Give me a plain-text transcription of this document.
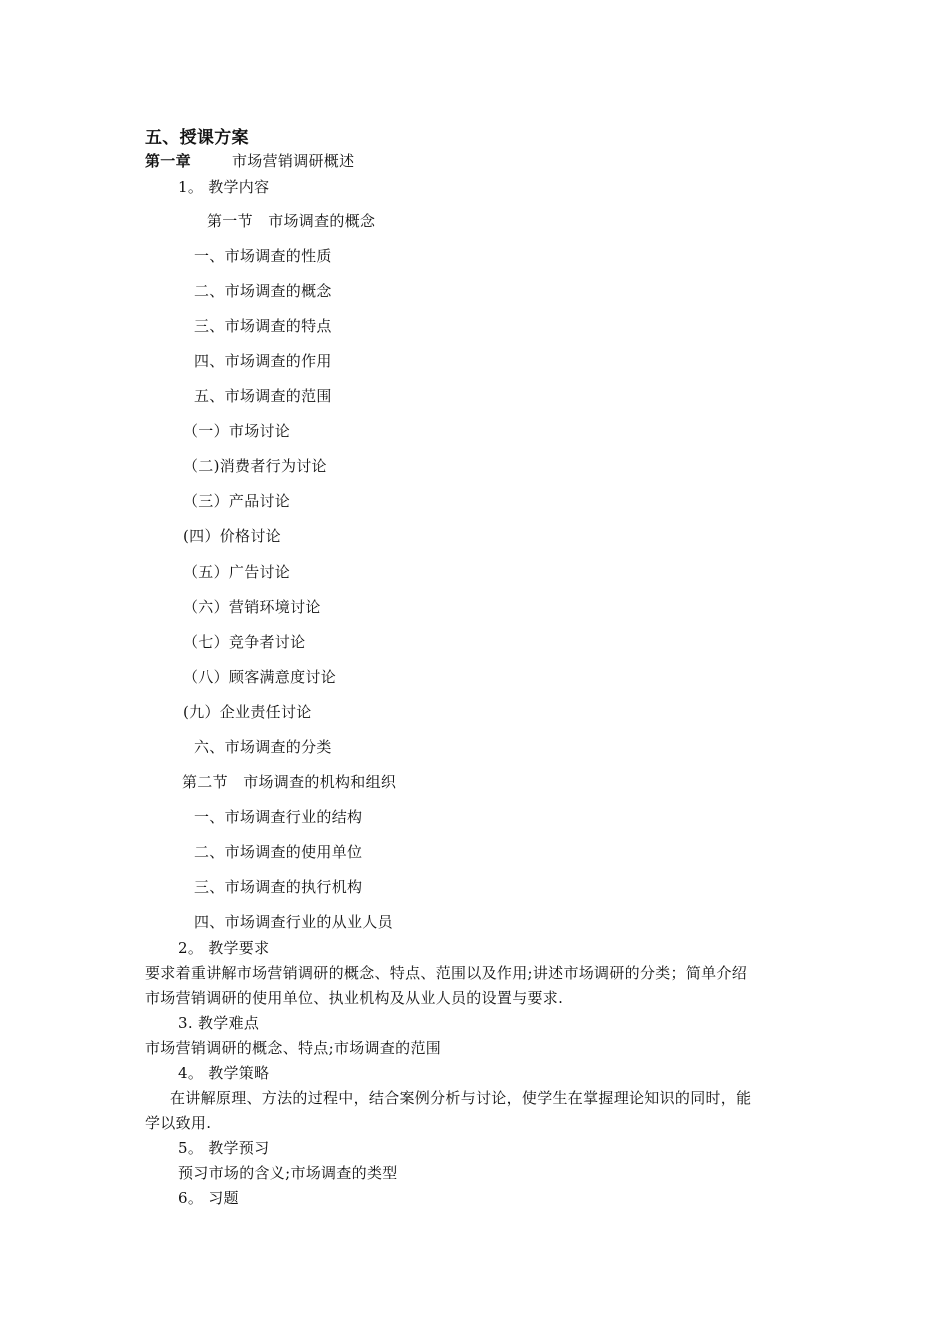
五、授课方案
第一章	市场营销调研概述
1。 教学内容
第一节　市场调查的概念
一、市场调查的性质
二、市场调查的概念
三、市场调查的特点
四、市场调查的作用
五、市场调查的范围
（一）市场讨论
（二)消费者行为讨论
（三）产品讨论
(四）价格讨论
（五）广告讨论
（六）营销环境讨论
（七）竞争者讨论
（八）顾客满意度讨论
(九）企业责任讨论
六、市场调查的分类
第二节　市场调查的机构和组织
一、市场调查行业的结构
二、市场调查的使用单位
三、市场调查的执行机构
四、市场调查行业的从业人员
2。 教学要求
要求着重讲解市场营销调研的概念、特点、范围以及作用;讲述市场调研的分类；简单介绍
市场营销调研的使用单位、执业机构及从业人员的设置与要求.
3. 教学难点
市场营销调研的概念、特点;市场调查的范围
4。 教学策略
在讲解原理、方法的过程中，结合案例分析与讨论，使学生在掌握理论知识的同时，能
学以致用.
5。 教学预习
预习市场的含义;市场调查的类型
6。 习题
